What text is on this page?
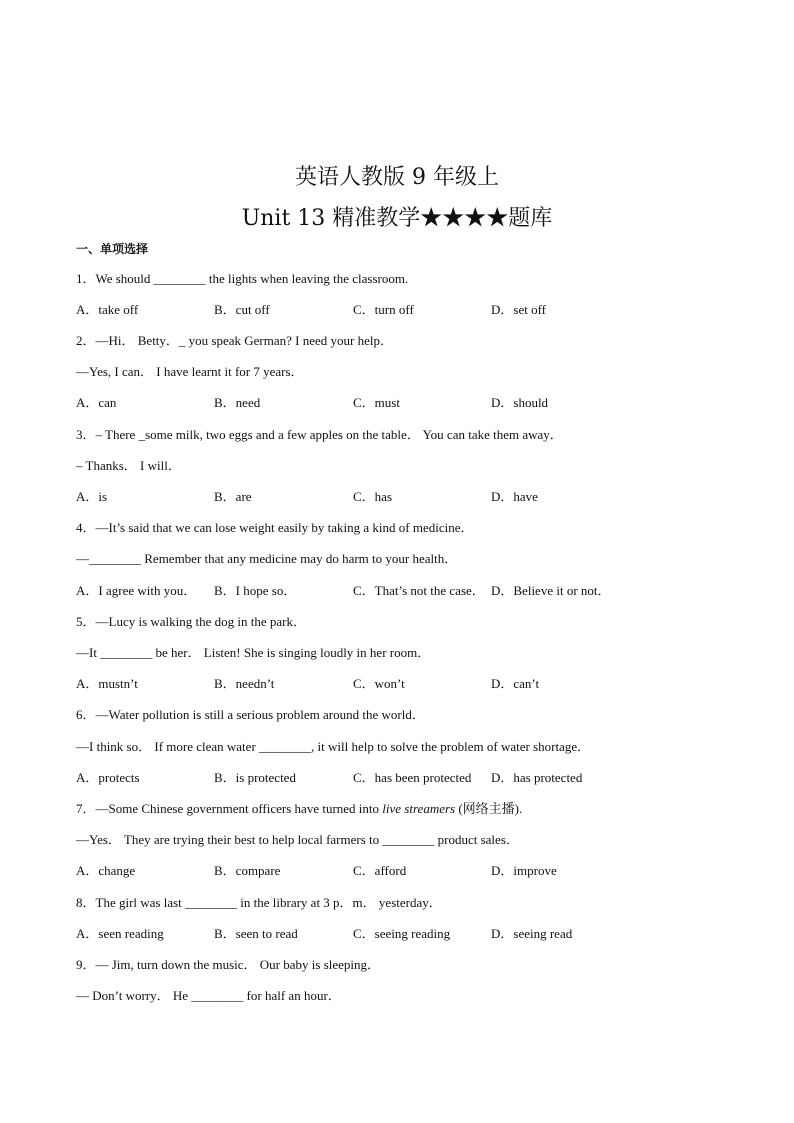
英语人教版 9 年级上
Unit 13 精准教学★★★★题库
一、单项选择
1．We should ________ the lights when leaving the classroom.
A．take off	B．cut off	C．turn off	D．set off
2．—Hi． Betty．_ you speak German? I need your help．
—Yes, I can． I have learnt it for 7 years．
A．can	B．need	C．must	D．should
3．– There _some milk, two eggs and a few apples on the table． You can take them away．
– Thanks． I will．
A．is	B．are	C．has	D．have
4．—It’s said that we can lose weight easily by taking a kind of medicine．
—________ Remember that any medicine may do harm to your health．
A．I agree with you． B．I hope so．	C．That’s not the case． D．Believe it or not．
5．—Lucy is walking the dog in the park．
—It ________ be her． Listen! She is singing loudly in her room．
A．mustn’t	B．needn’t	C．won’t	D．can’t
6．—Water pollution is still a serious problem around the world．
—I think so． If more clean water ________, it will help to solve the problem of water shortage．
A．protects	B．is protected	C．has been protected D．has protected
7．—Some Chinese government officers have turned into live streamers (网络主播).
—Yes． They are trying their best to help local farmers to ________ product sales．
A．change	B．compare	C．afford	D．improve
8．The girl was last ________ in the library at 3 p．m． yesterday．
A．seen reading	B．seen to read	C．seeing reading	D．seeing read
9．— Jim, turn down the music． Our baby is sleeping．
— Don’t worry． He ________ for half an hour．
